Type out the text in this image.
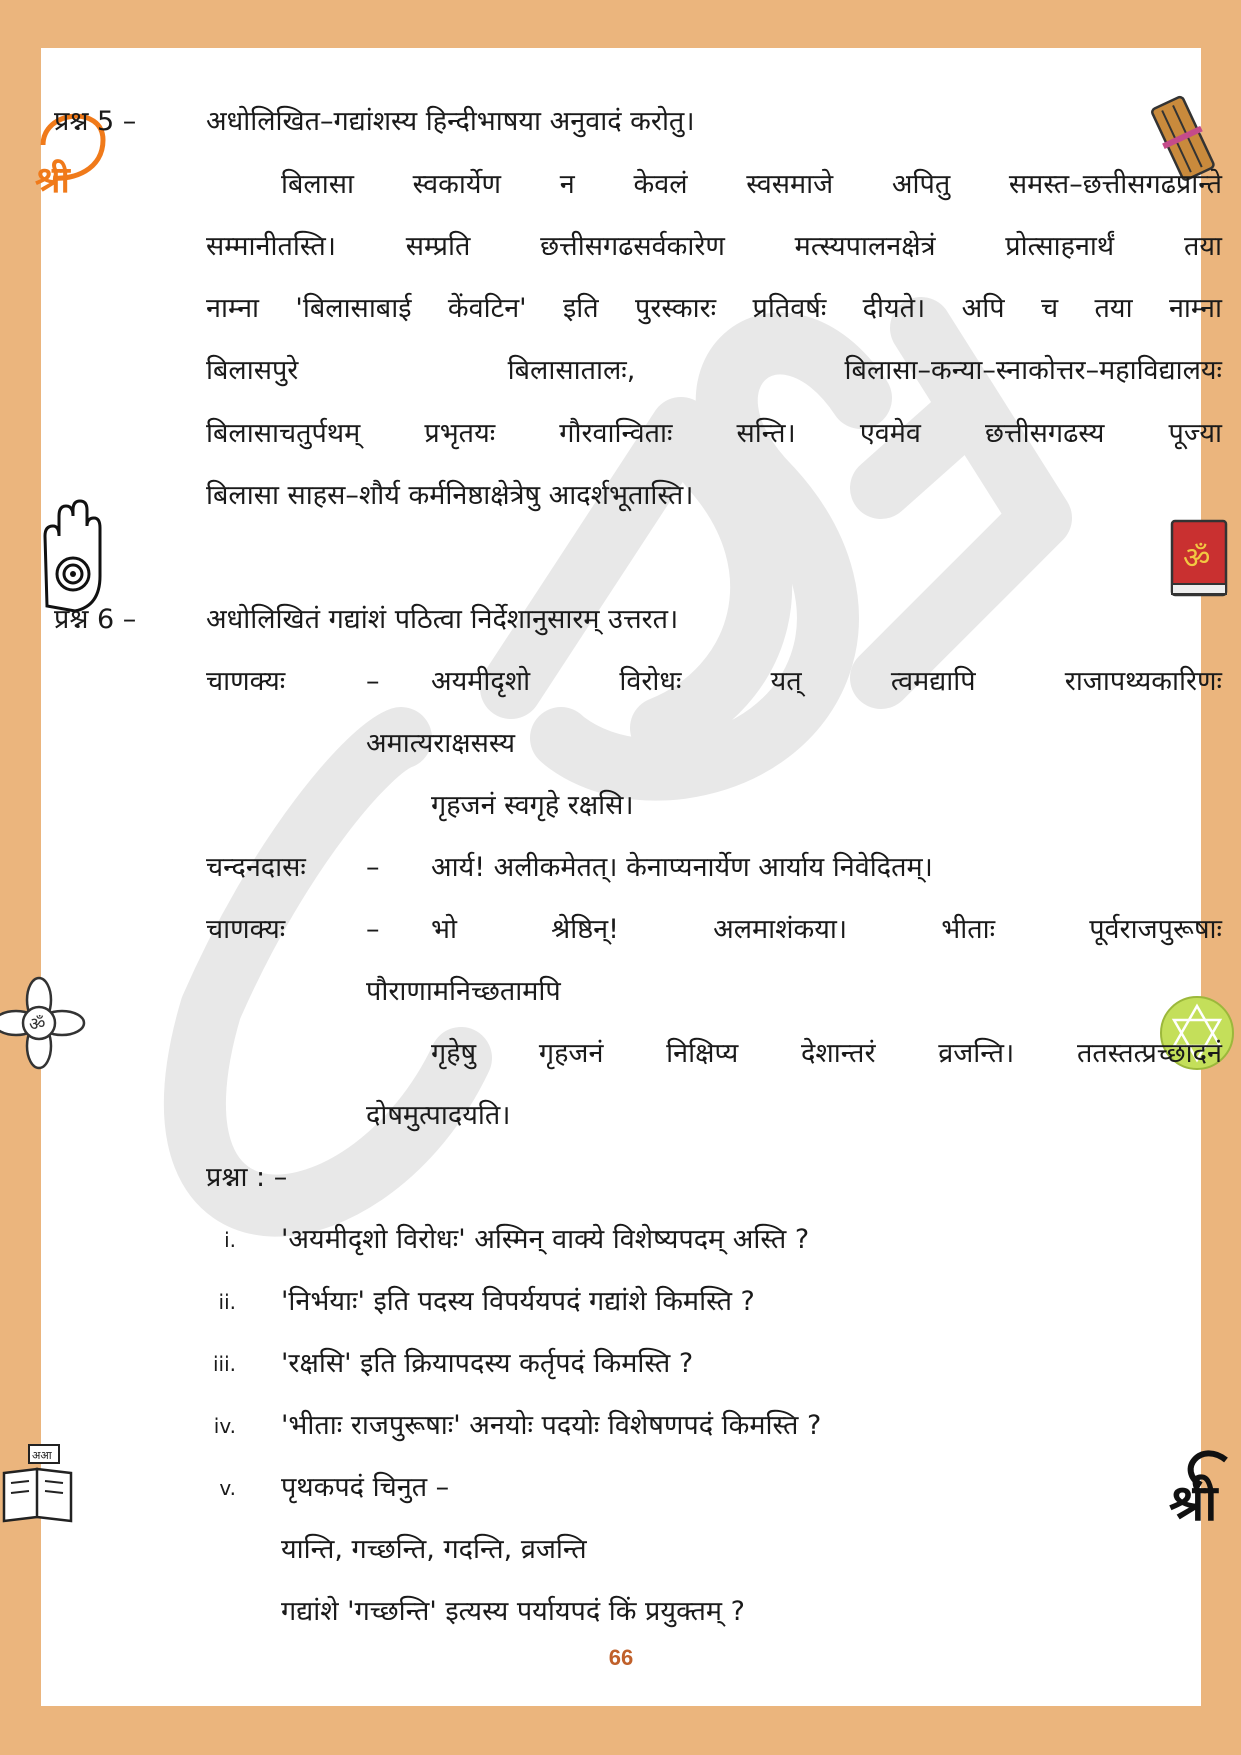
श्री
ॐ
अआ
ॐ
श्री
प्रश्न 5 –	अधोलिखित–गद्यांशस्य हिन्दीभाषया अनुवादं करोतु।
बिलासा स्वकार्येण न केवलं स्वसमाजे अपितु समस्त–छत्तीसगढप्रान्ते
सम्मानीतस्ति। सम्प्रति छत्तीसगढसर्वकारेण मत्स्यपालनक्षेत्रं प्रोत्साहनार्थं तया
नाम्ना 'बिलासाबाई केंवटिन' इति पुरस्कारः प्रतिवर्षः दीयते। अपि च तया नाम्ना
बिलासपुरे बिलासातालः, बिलासा–कन्या–स्नाकोत्तर–महाविद्यालयः
बिलासाचतुर्पथम् प्रभृतयः गौरवान्विताः सन्ति। एवमेव छत्तीसगढस्य पूज्या
बिलासा साहस–शौर्य कर्मनिष्ठाक्षेत्रेषु आदर्शभूतास्ति।
प्रश्न 6 –	अधोलिखितं गद्यांशं पठित्वा निर्देशानुसारम् उत्तरत।
चाणक्यः	– अयमीदृशो विरोधः यत् त्वमद्यापि राजापथ्यकारिणः
अमात्यराक्षसस्य
गृहजनं स्वगृहे रक्षसि।
चन्दनदासः – आर्य! अलीकमेतत्। केनाप्यनार्येण आर्याय निवेदितम्।
चाणक्यः	– भो श्रेष्ठिन्! अलमाशंकया। भीताः पूर्वराजपुरूषाः
पौराणामनिच्छतामपि
गृहेषु गृहजनं निक्षिप्य देशान्तरं व्रजन्ति। ततस्तत्प्रच्छादनं
दोषमुत्पादयति।
प्रश्ना : –
i. 'अयमीदृशो विरोधः' अस्मिन् वाक्ये विशेष्यपदम् अस्ति ?
ii. 'निर्भयाः' इति पदस्य विपर्ययपदं गद्यांशे किमस्ति ?
iii. 'रक्षसि' इति क्रियापदस्य कर्तृपदं किमस्ति ?
iv. 'भीताः राजपुरूषाः' अनयोः पदयोः विशेषणपदं किमस्ति ?
v. पृथकपदं चिनुत –
यान्ति, गच्छन्ति, गदन्ति, व्रजन्ति
गद्यांशे 'गच्छन्ति' इत्यस्य पर्यायपदं किं प्रयुक्तम् ?
66
